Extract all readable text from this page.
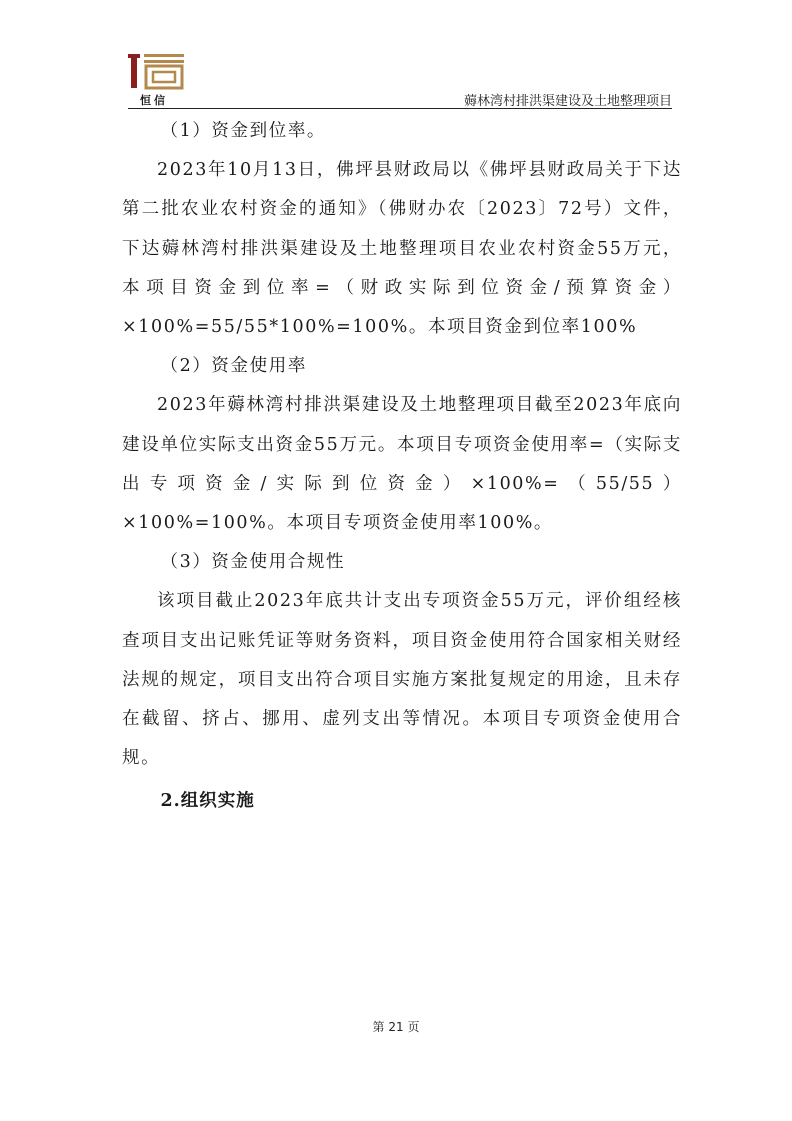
恒信	薅林湾村排洪渠建设及土地整理项目

（1）资金到位率。

2023年10月13日，佛坪县财政局以《佛坪县财政局关于下达第二批农业农村资金的通知》（佛财办农〔2023〕72号）文件，下达薅林湾村排洪渠建设及土地整理项目农业农村资金55万元，本项目资金到位率=（财政实际到位资金/预算资金）×100%=55/55*100%=100%。本项目资金到位率100%

（2）资金使用率

2023年薅林湾村排洪渠建设及土地整理项目截至2023年底向建设单位实际支出资金55万元。本项目专项资金使用率=（实际支出专项资金/实际到位资金）×100%=（55/55）×100%=100%。本项目专项资金使用率100%。

（3）资金使用合规性

该项目截止2023年底共计支出专项资金55万元，评价组经核查项目支出记账凭证等财务资料，项目资金使用符合国家相关财经法规的规定，项目支出符合项目实施方案批复规定的用途，且未存在截留、挤占、挪用、虚列支出等情况。本项目专项资金使用合规。

2.组织实施

第 21 页
